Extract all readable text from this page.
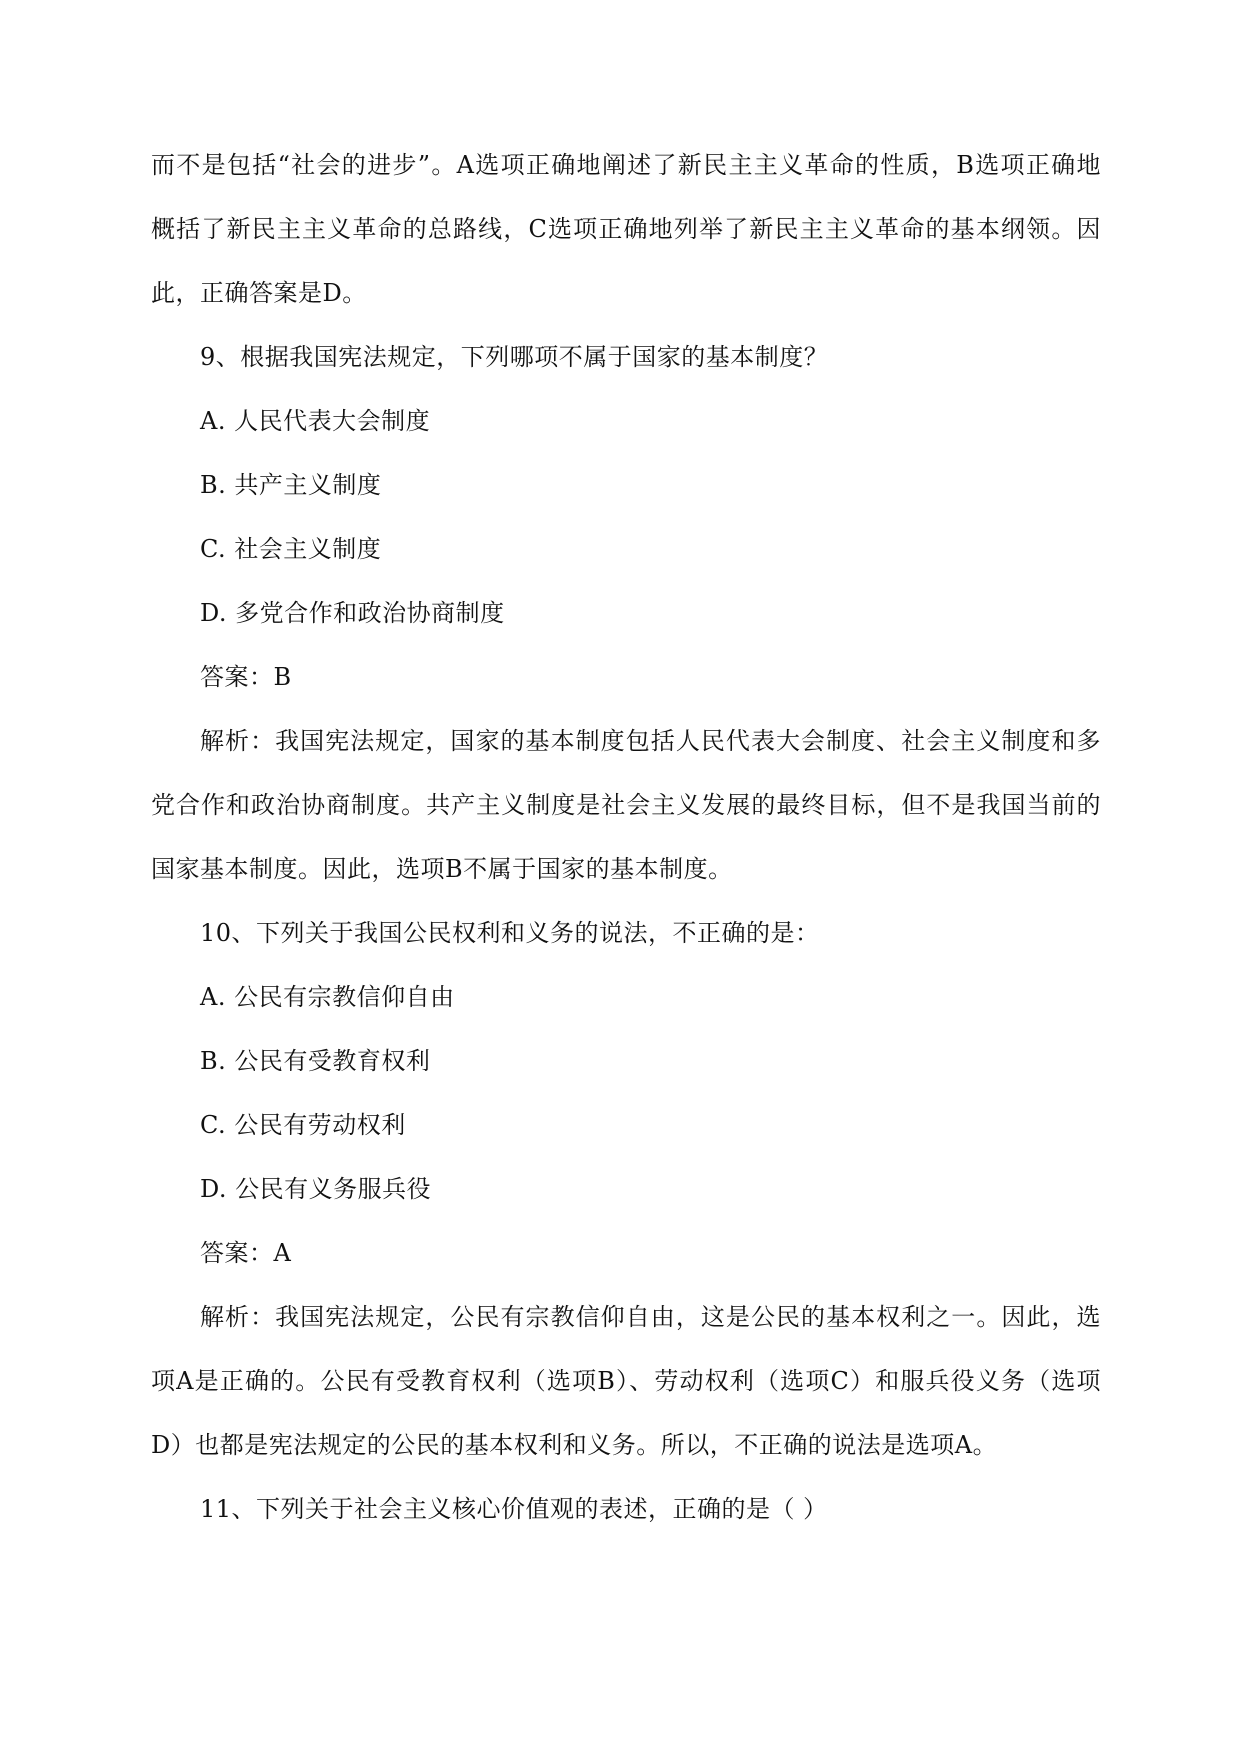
而不是包括“社会的进步”。A选项正确地阐述了新民主主义革命的性质，B选项正确地
概括了新民主主义革命的总路线，C选项正确地列举了新民主主义革命的基本纲领。因
此，正确答案是D。
9、根据我国宪法规定，下列哪项不属于国家的基本制度？
A. 人民代表大会制度
B. 共产主义制度
C. 社会主义制度
D. 多党合作和政治协商制度
答案：B
解析：我国宪法规定，国家的基本制度包括人民代表大会制度、社会主义制度和多
党合作和政治协商制度。共产主义制度是社会主义发展的最终目标，但不是我国当前的
国家基本制度。因此，选项B不属于国家的基本制度。
10、下列关于我国公民权利和义务的说法，不正确的是：
A. 公民有宗教信仰自由
B. 公民有受教育权利
C. 公民有劳动权利
D. 公民有义务服兵役
答案：A
解析：我国宪法规定，公民有宗教信仰自由，这是公民的基本权利之一。因此，选
项A是正确的。公民有受教育权利（选项B）、劳动权利（选项C）和服兵役义务（选项
D）也都是宪法规定的公民的基本权利和义务。所以，不正确的说法是选项A。
11、下列关于社会主义核心价值观的表述，正确的是（ ）
